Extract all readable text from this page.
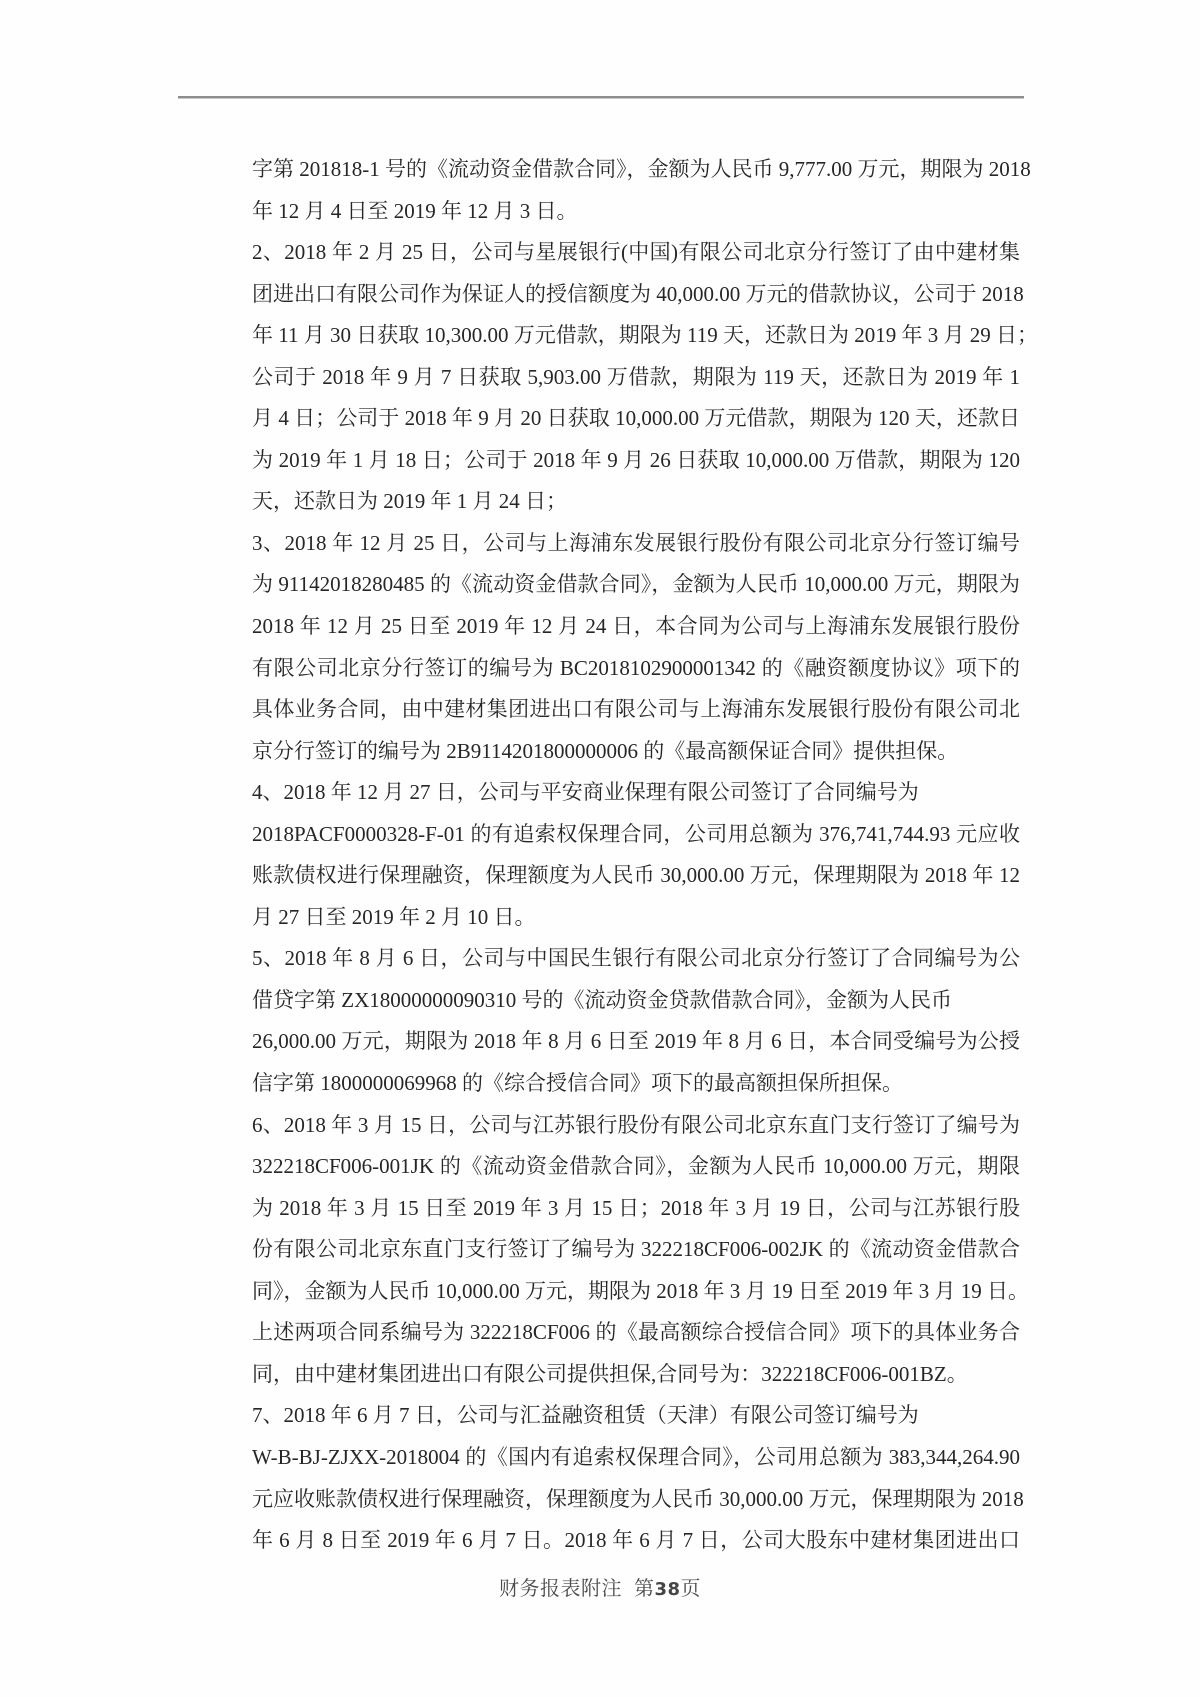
字第 201818-1 号的《流动资金借款合同》，金额为人民币 9,777.00 万元，期限为 2018
年 12 月 4 日至 2019 年 12 月 3 日。
2、2018 年 2 月 25 日，公司与星展银行(中国)有限公司北京分行签订了由中建材集
团进出口有限公司作为保证人的授信额度为 40,000.00 万元的借款协议，公司于 2018
年 11 月 30 日获取 10,300.00 万元借款，期限为 119 天，还款日为 2019 年 3 月 29 日；
公司于 2018 年 9 月 7 日获取 5,903.00 万借款，期限为 119 天，还款日为 2019 年 1
月 4 日；公司于 2018 年 9 月 20 日获取 10,000.00 万元借款，期限为 120 天，还款日
为 2019 年 1 月 18 日；公司于 2018 年 9 月 26 日获取 10,000.00 万借款，期限为 120
天，还款日为 2019 年 1 月 24 日；
3、2018 年 12 月 25 日，公司与上海浦东发展银行股份有限公司北京分行签订编号
为 91142018280485 的《流动资金借款合同》，金额为人民币 10,000.00 万元，期限为
2018 年 12 月 25 日至 2019 年 12 月 24 日，本合同为公司与上海浦东发展银行股份
有限公司北京分行签订的编号为 BC2018102900001342 的《融资额度协议》项下的
具体业务合同，由中建材集团进出口有限公司与上海浦东发展银行股份有限公司北
京分行签订的编号为 2B9114201800000006 的《最高额保证合同》提供担保。
4、2018 年 12 月 27 日，公司与平安商业保理有限公司签订了合同编号为
2018PACF0000328-F-01 的有追索权保理合同，公司用总额为 376,741,744.93 元应收
账款债权进行保理融资，保理额度为人民币 30,000.00 万元，保理期限为 2018 年 12
月 27 日至 2019 年 2 月 10 日。
5、2018 年 8 月 6 日，公司与中国民生银行有限公司北京分行签订了合同编号为公
借贷字第 ZX18000000090310 号的《流动资金贷款借款合同》，金额为人民币
26,000.00 万元，期限为 2018 年 8 月 6 日至 2019 年 8 月 6 日，本合同受编号为公授
信字第 1800000069968 的《综合授信合同》项下的最高额担保所担保。
6、2018 年 3 月 15 日，公司与江苏银行股份有限公司北京东直门支行签订了编号为
322218CF006-001JK 的《流动资金借款合同》，金额为人民币 10,000.00 万元，期限
为 2018 年 3 月 15 日至 2019 年 3 月 15 日；2018 年 3 月 19 日，公司与江苏银行股
份有限公司北京东直门支行签订了编号为 322218CF006-002JK 的《流动资金借款合
同》，金额为人民币 10,000.00 万元，期限为 2018 年 3 月 19 日至 2019 年 3 月 19 日。
上述两项合同系编号为 322218CF006 的《最高额综合授信合同》项下的具体业务合
同，由中建材集团进出口有限公司提供担保,合同号为：322218CF006-001BZ。
7、2018 年 6 月 7 日，公司与汇益融资租赁（天津）有限公司签订编号为
W-B-BJ-ZJXX-2018004 的《国内有追索权保理合同》，公司用总额为 383,344,264.90
元应收账款债权进行保理融资，保理额度为人民币 30,000.00 万元，保理期限为 2018
年 6 月 8 日至 2019 年 6 月 7 日。2018 年 6 月 7 日，公司大股东中建材集团进出口
财务报表附注 第38页
